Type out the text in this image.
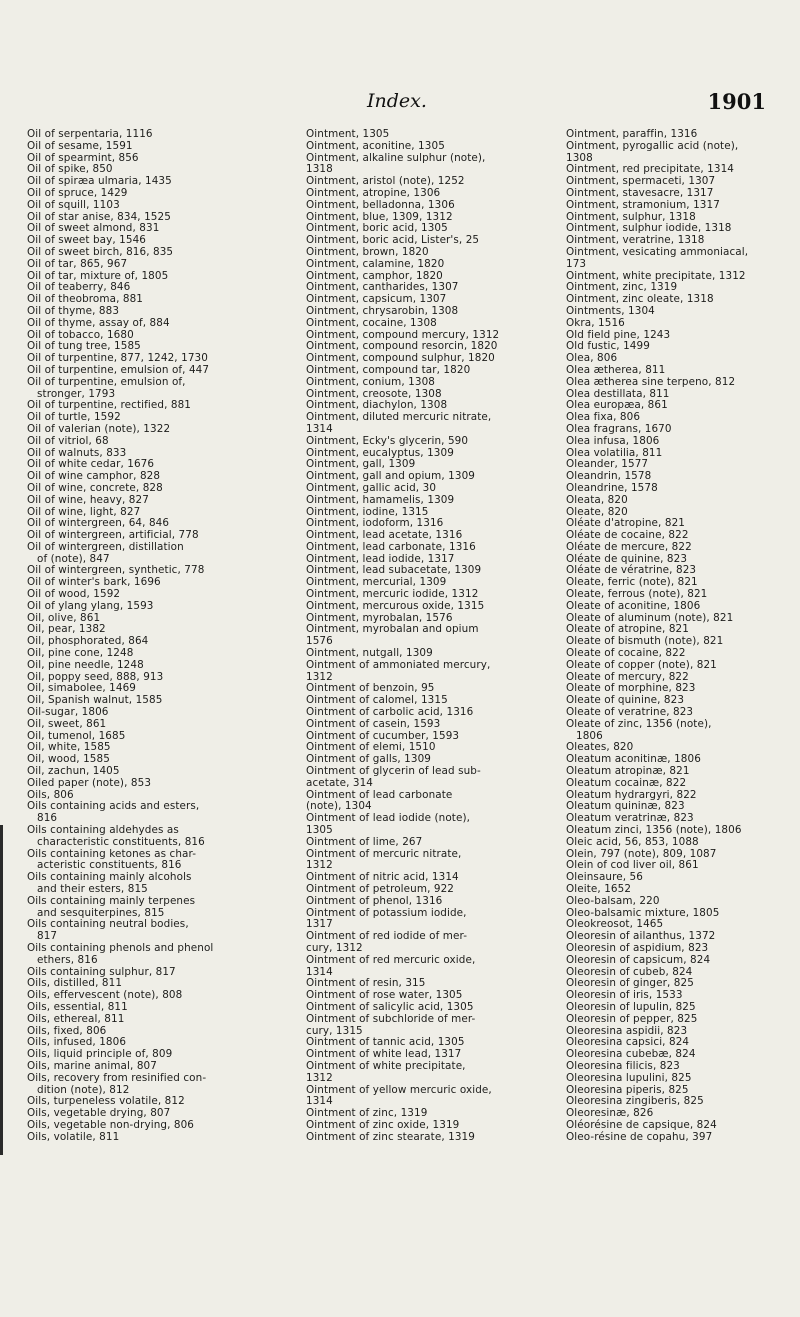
Index.	1901
Oil of serpentaria, 1116
Oil of sesame, 1591
Oil of spearmint, 856
Oil of spike, 850
Oil of spiræa ulmaria, 1435
Oil of spruce, 1429
Oil of squill, 1103
Oil of star anise, 834, 1525
Oil of sweet almond, 831
Oil of sweet bay, 1546
Oil of sweet birch, 816, 835
Oil of tar, 865, 967
Oil of tar, mixture of, 1805
Oil of teaberry, 846
Oil of theobroma, 881
Oil of thyme, 883
Oil of thyme, assay of, 884
Oil of tobacco, 1680
Oil of tung tree, 1585
Oil of turpentine, 877, 1242, 1730
Oil of turpentine, emulsion of, 447
Oil of turpentine, emulsion of,
stronger, 1793
Oil of turpentine, rectified, 881
Oil of turtle, 1592
Oil of valerian (note), 1322
Oil of vitriol, 68
Oil of walnuts, 833
Oil of white cedar, 1676
Oil of wine camphor, 828
Oil of wine, concrete, 828
Oil of wine, heavy, 827
Oil of wine, light, 827
Oil of wintergreen, 64, 846
Oil of wintergreen, artificial, 778
Oil of wintergreen, distillation
of (note), 847
Oil of wintergreen, synthetic, 778
Oil of winter's bark, 1696
Oil of wood, 1592
Oil of ylang ylang, 1593
Oil, olive, 861
Oil, pear, 1382
Oil, phosphorated, 864
Oil, pine cone, 1248
Oil, pine needle, 1248
Oil, poppy seed, 888, 913
Oil, simabolee, 1469
Oil, Spanish walnut, 1585
Oil-sugar, 1806
Oil, sweet, 861
Oil, tumenol, 1685
Oil, white, 1585
Oil, wood, 1585
Oil, zachun, 1405
Oiled paper (note), 853
Oils, 806
Oils containing acids and esters,
816
Oils containing aldehydes as
characteristic constituents, 816
Oils containing ketones as char-
acteristic constituents, 816
Oils containing mainly alcohols
and their esters, 815
Oils containing mainly terpenes
and sesquiterpines, 815
Oils containing neutral bodies,
817
Oils containing phenols and phenol
ethers, 816
Oils containing sulphur, 817
Oils, distilled, 811
Oils, effervescent (note), 808
Oils, essential, 811
Oils, ethereal, 811
Oils, fixed, 806
Oils, infused, 1806
Oils, liquid principle of, 809
Oils, marine animal, 807
Oils, recovery from resinified con-
dition (note), 812
Oils, turpeneless volatile, 812
Oils, vegetable drying, 807
Oils, vegetable non-drying, 806
Oils, volatile, 811
Ointment, 1305
Ointment, aconitine, 1305
Ointment, alkaline sulphur (note),
1318
Ointment, aristol (note), 1252
Ointment, atropine, 1306
Ointment, belladonna, 1306
Ointment, blue, 1309, 1312
Ointment, boric acid, 1305
Ointment, boric acid, Lister's, 25
Ointment, brown, 1820
Ointment, calamine, 1820
Ointment, camphor, 1820
Ointment, cantharides, 1307
Ointment, capsicum, 1307
Ointment, chrysarobin, 1308
Ointment, cocaine, 1308
Ointment, compound mercury, 1312
Ointment, compound resorcin, 1820
Ointment, compound sulphur, 1820
Ointment, compound tar, 1820
Ointment, conium, 1308
Ointment, creosote, 1308
Ointment, diachylon, 1308
Ointment, diluted mercuric nitrate,
1314
Ointment, Ecky's glycerin, 590
Ointment, eucalyptus, 1309
Ointment, gall, 1309
Ointment, gall and opium, 1309
Ointment, gallic acid, 30
Ointment, hamamelis, 1309
Ointment, iodine, 1315
Ointment, iodoform, 1316
Ointment, lead acetate, 1316
Ointment, lead carbonate, 1316
Ointment, lead iodide, 1317
Ointment, lead subacetate, 1309
Ointment, mercurial, 1309
Ointment, mercuric iodide, 1312
Ointment, mercurous oxide, 1315
Ointment, myrobalan, 1576
Ointment, myrobalan and opium
1576
Ointment, nutgall, 1309
Ointment of ammoniated mercury,
1312
Ointment of benzoin, 95
Ointment of calomel, 1315
Ointment of carbolic acid, 1316
Ointment of casein, 1593
Ointment of cucumber, 1593
Ointment of elemi, 1510
Ointment of galls, 1309
Ointment of glycerin of lead sub-
acetate, 314
Ointment of lead carbonate
(note), 1304
Ointment of lead iodide (note),
1305
Ointment of lime, 267
Ointment of mercuric nitrate,
1312
Ointment of nitric acid, 1314
Ointment of petroleum, 922
Ointment of phenol, 1316
Ointment of potassium iodide,
1317
Ointment of red iodide of mer-
cury, 1312
Ointment of red mercuric oxide,
1314
Ointment of resin, 315
Ointment of rose water, 1305
Ointment of salicylic acid, 1305
Ointment of subchloride of mer-
cury, 1315
Ointment of tannic acid, 1305
Ointment of white lead, 1317
Ointment of white precipitate,
1312
Ointment of yellow mercuric oxide,
1314
Ointment of zinc, 1319
Ointment of zinc oxide, 1319
Ointment of zinc stearate, 1319
Ointment, paraffin, 1316
Ointment, pyrogallic acid (note),
1308
Ointment, red precipitate, 1314
Ointment, spermaceti, 1307
Ointment, stavesacre, 1317
Ointment, stramonium, 1317
Ointment, sulphur, 1318
Ointment, sulphur iodide, 1318
Ointment, veratrine, 1318
Ointment, vesicating ammoniacal,
173
Ointment, white precipitate, 1312
Ointment, zinc, 1319
Ointment, zinc oleate, 1318
Ointments, 1304
Okra, 1516
Old field pine, 1243
Old fustic, 1499
Olea, 806
Olea ætherea, 811
Olea ætherea sine terpeno, 812
Olea destillata, 811
Olea europæa, 861
Olea fixa, 806
Olea fragrans, 1670
Olea infusa, 1806
Olea volatilia, 811
Oleander, 1577
Oleandrin, 1578
Oleandrine, 1578
Oleata, 820
Oleate, 820
Oléate d'atropine, 821
Oléate de cocaine, 822
Oléate de mercure, 822
Oléate de quinine, 823
Oléate de vératrine, 823
Oleate, ferric (note), 821
Oleate, ferrous (note), 821
Oleate of aconitine, 1806
Oleate of aluminum (note), 821
Oleate of atropine, 821
Oleate of bismuth (note), 821
Oleate of cocaine, 822
Oleate of copper (note), 821
Oleate of mercury, 822
Oleate of morphine, 823
Oleate of quinine, 823
Oleate of veratrine, 823
Oleate of zinc, 1356 (note),
1806
Oleates, 820
Oleatum aconitinæ, 1806
Oleatum atropinæ, 821
Oleatum cocainæ, 822
Oleatum hydrargyri, 822
Oleatum quininæ, 823
Oleatum veratrinæ, 823
Oleatum zinci, 1356 (note), 1806
Oleic acid, 56, 853, 1088
Olein, 797 (note), 809, 1087
Olein of cod liver oil, 861
Oleinsaure, 56
Oleite, 1652
Oleo-balsam, 220
Oleo-balsamic mixture, 1805
Oleokreosot, 1465
Oleoresin of ailanthus, 1372
Oleoresin of aspidium, 823
Oleoresin of capsicum, 824
Oleoresin of cubeb, 824
Oleoresin of ginger, 825
Oleoresin of iris, 1533
Oleoresin of lupulin, 825
Oleoresin of pepper, 825
Oleoresina aspidii, 823
Oleoresina capsici, 824
Oleoresina cubebæ, 824
Oleoresina filicis, 823
Oleoresina lupulini, 825
Oleoresina piperis, 825
Oleoresina zingiberis, 825
Oleoresinæ, 826
Oléorésine de capsique, 824
Oleo-résine de copahu, 397
